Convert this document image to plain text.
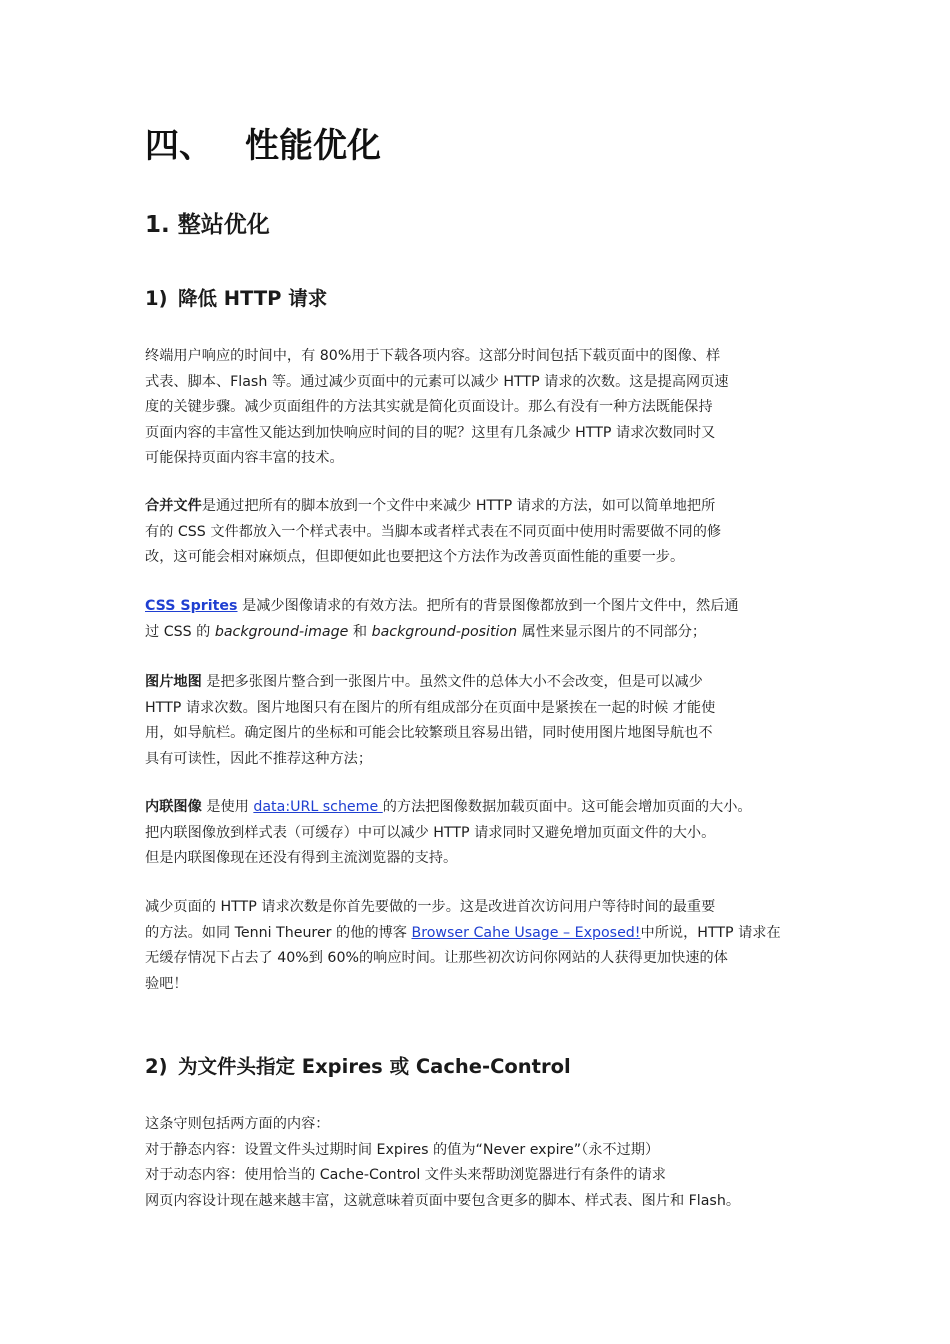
四、 性能优化
1. 整站优化
1) 降低 HTTP 请求
终端用户响应的时间中，有 80%用于下载各项内容。这部分时间包括下载页面中的图像、样
式表、脚本、Flash 等。通过减少页面中的元素可以减少 HTTP 请求的次数。这是提高网页速
度的关键步骤。减少页面组件的方法其实就是简化页面设计。那么有没有一种方法既能保持
页面内容的丰富性又能达到加快响应时间的目的呢？这里有几条减少 HTTP 请求次数同时又
可能保持页面内容丰富的技术。
合并文件是通过把所有的脚本放到一个文件中来减少 HTTP 请求的方法，如可以简单地把所
有的 CSS 文件都放入一个样式表中。当脚本或者样式表在不同页面中使用时需要做不同的修
改，这可能会相对麻烦点，但即便如此也要把这个方法作为改善页面性能的重要一步。
CSS Sprites 是减少图像请求的有效方法。把所有的背景图像都放到一个图片文件中，然后通
过 CSS 的 background-image 和 background-position 属性来显示图片的不同部分；
图片地图 是把多张图片整合到一张图片中。虽然文件的总体大小不会改变，但是可以减少
HTTP 请求次数。图片地图只有在图片的所有组成部分在页面中是紧挨在一起的时候 才能使
用，如导航栏。确定图片的坐标和可能会比较繁琐且容易出错，同时使用图片地图导航也不
具有可读性，因此不推荐这种方法；
内联图像 是使用 data:URL scheme 的方法把图像数据加载页面中。这可能会增加页面的大小。
把内联图像放到样式表（可缓存）中可以减少 HTTP 请求同时又避免增加页面文件的大小。
但是内联图像现在还没有得到主流浏览器的支持。
减少页面的 HTTP 请求次数是你首先要做的一步。这是改进首次访问用户等待时间的最重要
的方法。如同 Tenni Theurer 的他的博客 Browser Cahe Usage – Exposed!中所说，HTTP 请求在
无缓存情况下占去了 40%到 60%的响应时间。让那些初次访问你网站的人获得更加快速的体
验吧！
2) 为文件头指定 Expires 或 Cache-Control
这条守则包括两方面的内容：
对于静态内容：设置文件头过期时间 Expires 的值为“Never expire”（永不过期）
对于动态内容：使用恰当的 Cache-Control 文件头来帮助浏览器进行有条件的请求
网页内容设计现在越来越丰富，这就意味着页面中要包含更多的脚本、样式表、图片和 Flash。
